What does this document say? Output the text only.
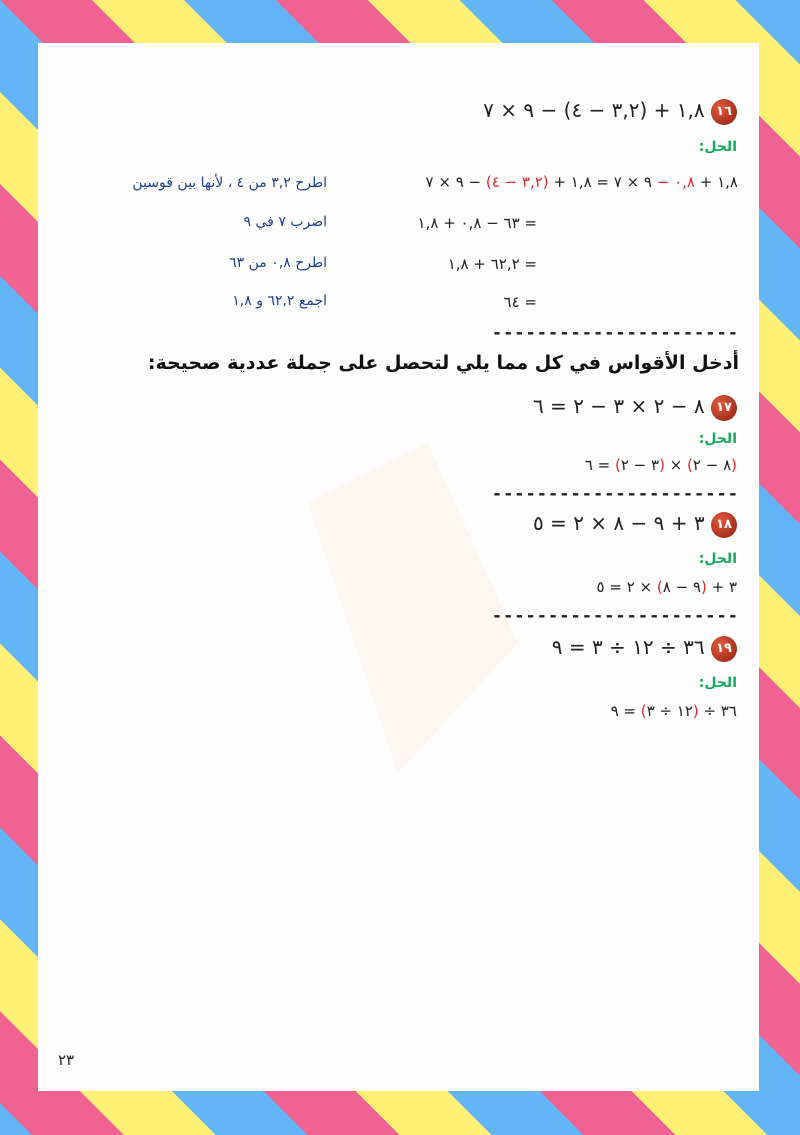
١٦ ١,٨ + (٣,٢ − ٤) − ٩ × ٧
الحل:
١,٨ + ٠,٨ − ٩ × ٧ = ١,٨ + (٣,٢ − ٤) − ٩ × ٧
اطرح ٣,٢ من ٤ ، لأنها بين قوسين
= ٦٣ − ٠,٨ + ١,٨
اضرب ٧ في ٩
= ٦٢,٢ + ١,٨
اطرح ٠,٨ من ٦٣
= ٦٤
اجمع ٦٢,٢ و ١,٨
----------------------
أدخل الأقواس في كل مما يلي لتحصل على جملة عددية صحيحة:
١٧ ٨ − ٢ × ٣ − ٢ = ٦
الحل:
(٨ − ٢) × (٣ − ٢) = ٦
----------------------
١٨ ٣ + ٩ − ٨ × ٢ = ٥
الحل:
٣ + (٩ − ٨) × ٢ = ٥
----------------------
١٩ ٣٦ ÷ ١٢ ÷ ٣ = ٩
الحل:
٣٦ ÷ (١٢ ÷ ٣) = ٩
٢٣
